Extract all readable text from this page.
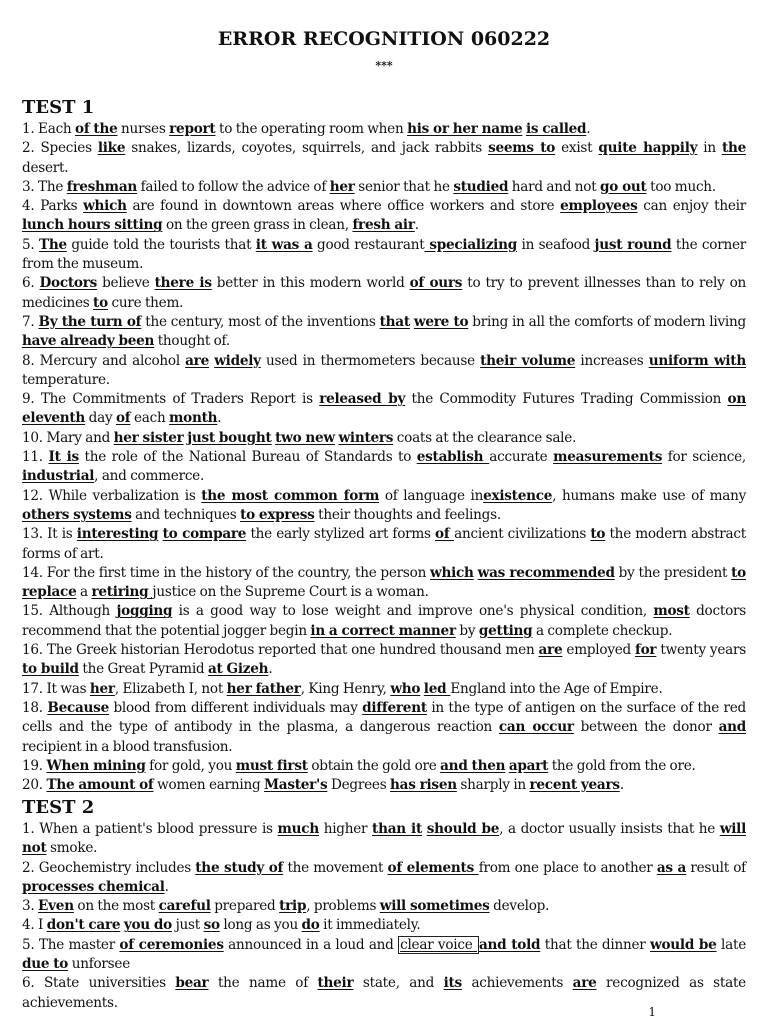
ERROR RECOGNITION 060222
***
TEST 1

1. Each of the nurses report to the operating room when his or her name is called.

2. Species like snakes, lizards, coyotes, squirrels, and jack rabbits seems to exist quite happily in the desert.

3. The freshman failed to follow the advice of her senior that he studied hard and not go out too much.

4. Parks which are found in downtown areas where office workers and store employees can enjoy their lunch hours sitting on the green grass in clean, fresh air.

5. The guide told the tourists that it was a good restaurant specializing in seafood just round the corner from the museum.

6. Doctors believe there is better in this modern world of ours to try to prevent illnesses than to rely on medicines to cure them.

7. By the turn of the century, most of the inventions that were to bring in all the comforts of modern living have already been thought of.

8. Mercury and alcohol are widely used in thermometers because their volume increases uniform with temperature.

9. The Commitments of Traders Report is released by the Commodity Futures Trading Commission on eleventh day of each month.

10. Mary and her sister just bought two new winters coats at the clearance sale.

11. It is the role of the National Bureau of Standards to establish accurate measurements for science, industrial, and commerce.

12. While verbalization is the most common form of language inexistence, humans make use of many others systems and techniques to express their thoughts and feelings.

13. It is interesting to compare the early stylized art forms of ancient civilizations to the modern abstract forms of art.

14. For the first time in the history of the country, the person which was recommended by the president to replace a retiring justice on the Supreme Court is a woman.

15. Although jogging is a good way to lose weight and improve one's physical condition, most doctors recommend that the potential jogger begin in a correct manner by getting a complete checkup.

16. The Greek historian Herodotus reported that one hundred thousand men are employed for twenty years to build the Great Pyramid at Gizeh.

17. It was her, Elizabeth I, not her father, King Henry, who led England into the Age of Empire.

18. Because blood from different individuals may different in the type of antigen on the surface of the red cells and the type of antibody in the plasma, a dangerous reaction can occur between the donor and recipient in a blood transfusion.

19. When mining for gold, you must first obtain the gold ore and then apart the gold from the ore.

20. The amount of women earning Master's Degrees has risen sharply in recent years.

TEST 2

1. When a patient's blood pressure is much higher than it should be, a doctor usually insists that he will not smoke.

2. Geochemistry includes the study of the movement of elements from one place to another as a result of processes chemical.

3. Even on the most careful prepared trip, problems will sometimes develop.

4. I don't care you do just so long as you do it immediately.

5. The master of ceremonies announced in a loud and clear voice and told that the dinner would be late due to unforsee

6. State universities bear the name of their state, and its achievements are recognized as state achievements.

1
